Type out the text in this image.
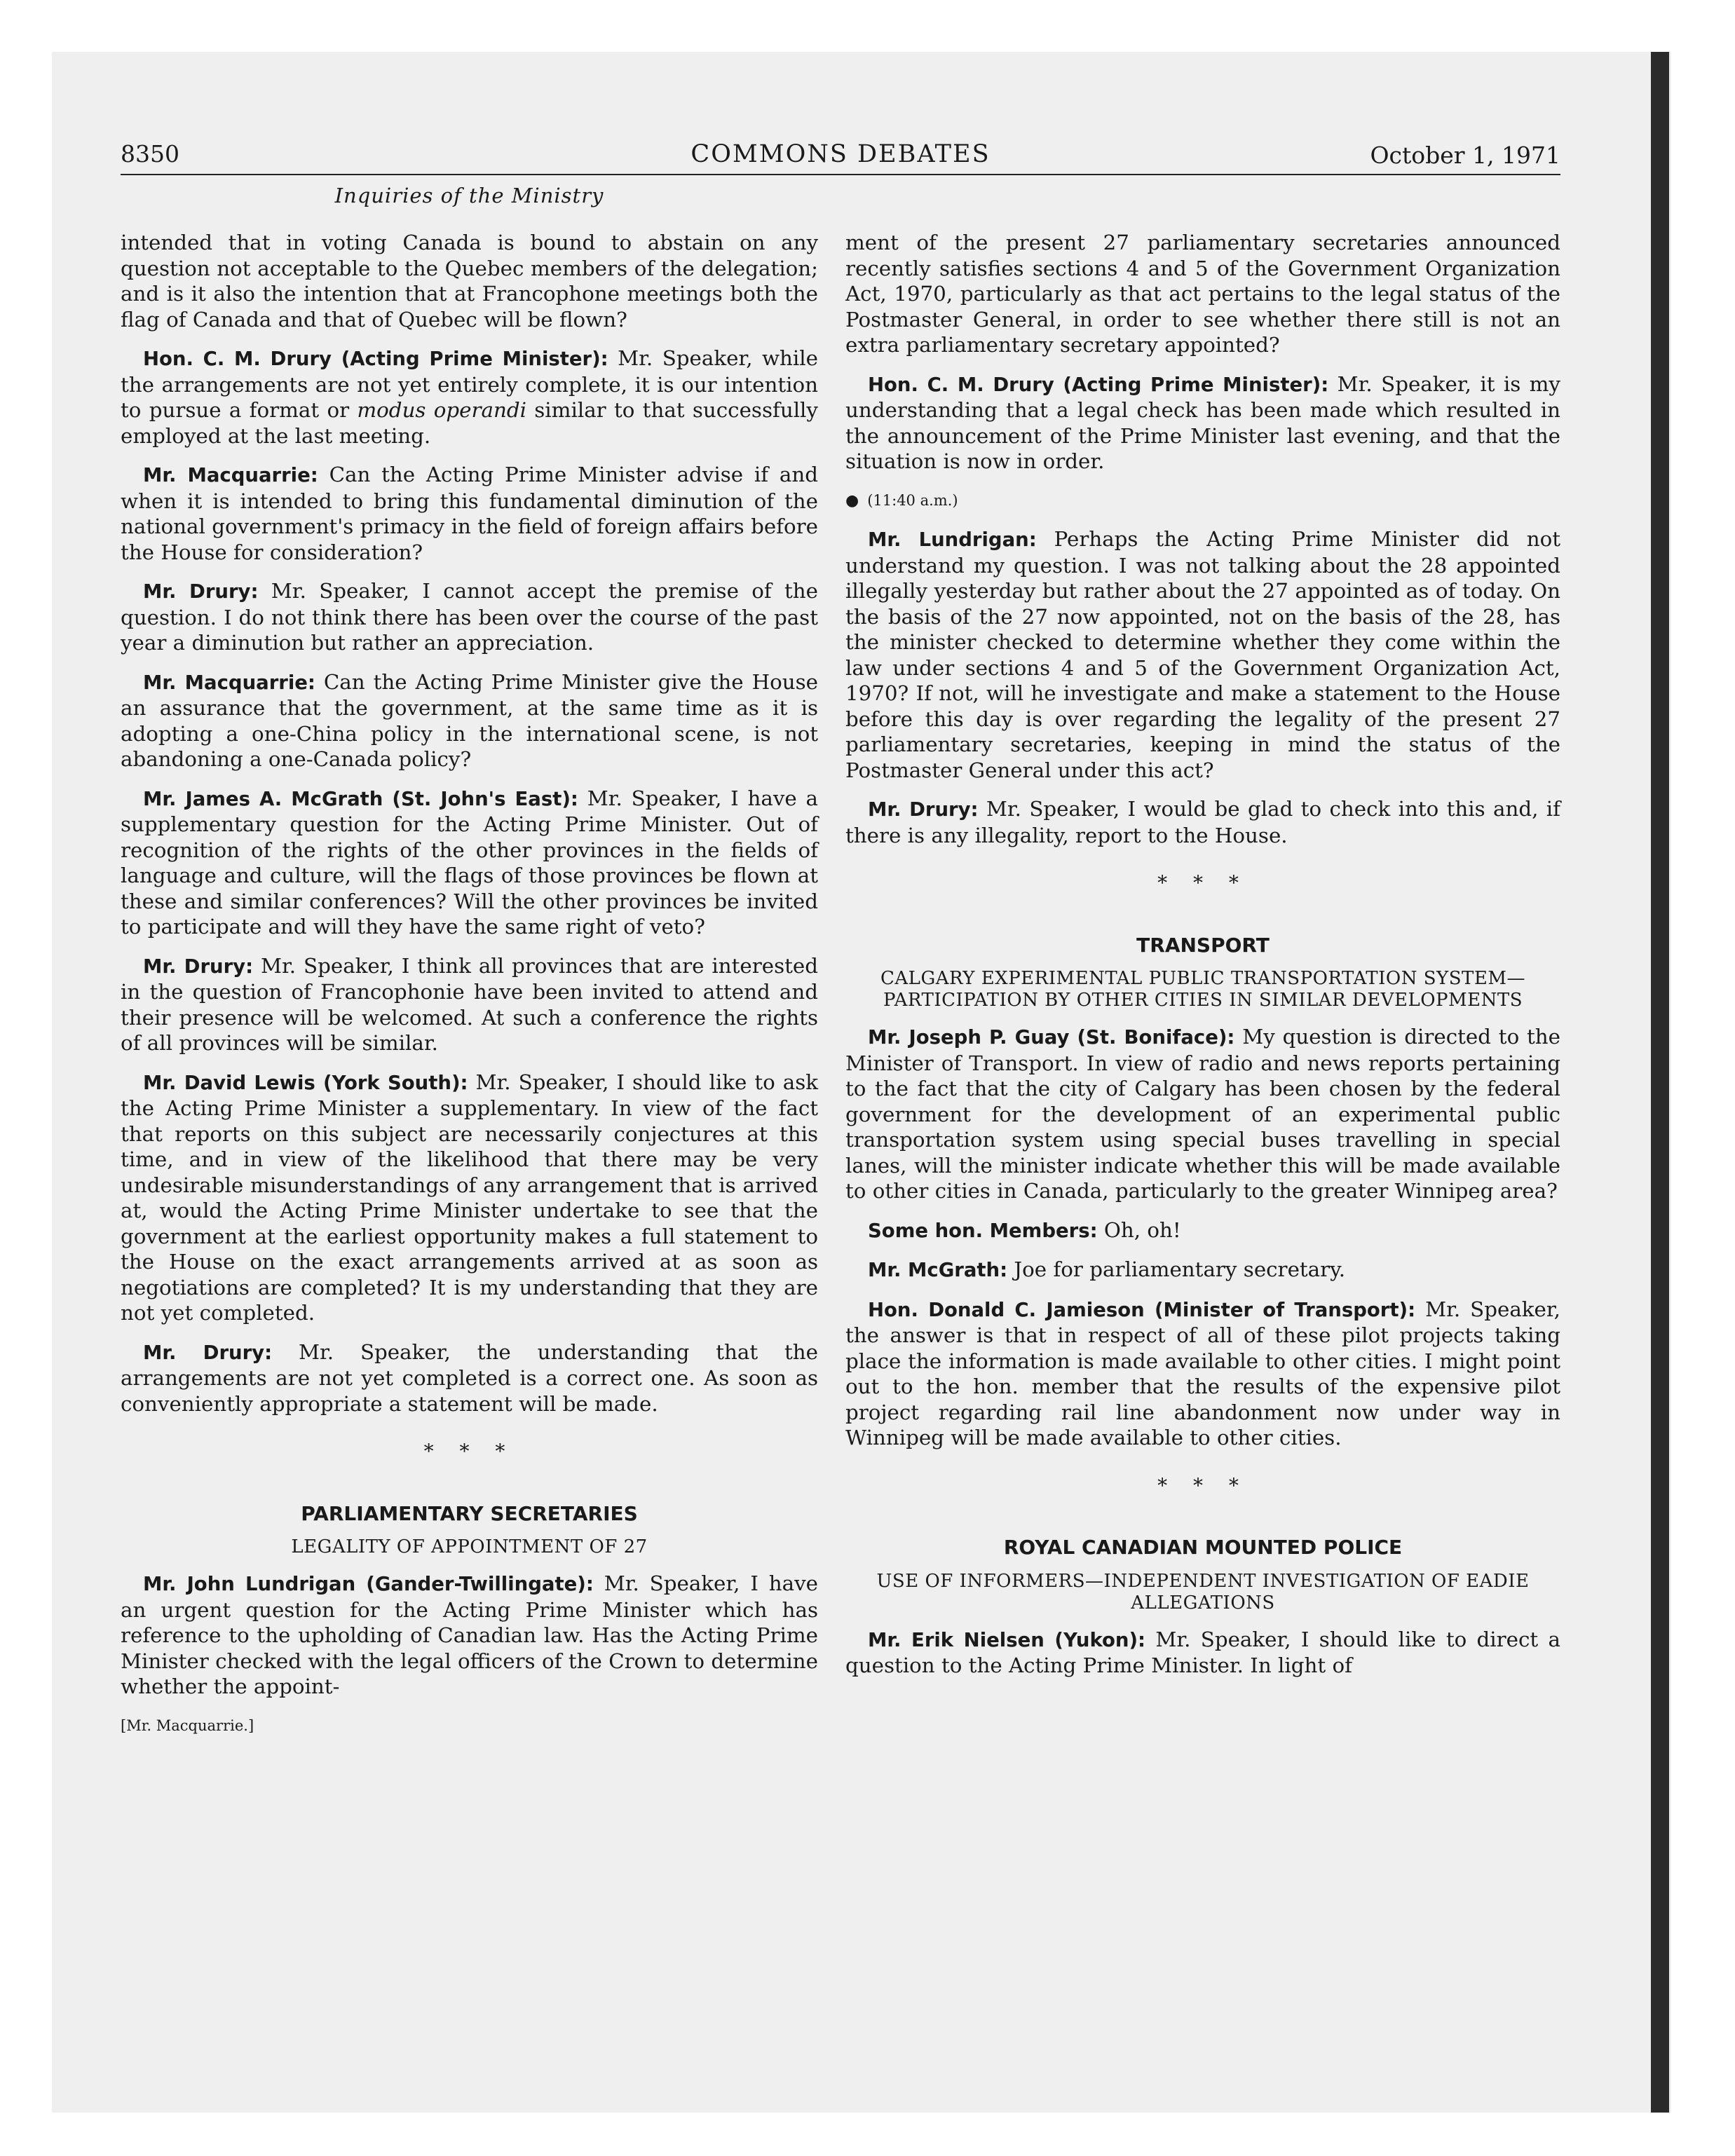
8350	COMMONS DEBATES	October 1, 1971
Inquiries of the Ministry

intended that in voting Canada is bound to abstain on any question not acceptable to the Quebec members of the delegation; and is it also the intention that at Francophone meetings both the flag of Canada and that of Quebec will be flown?

Hon. C. M. Drury (Acting Prime Minister): Mr. Speaker, while the arrangements are not yet entirely complete, it is our intention to pursue a format or modus operandi similar to that successfully employed at the last meeting.

Mr. Macquarrie: Can the Acting Prime Minister advise if and when it is intended to bring this fundamental diminution of the national government's primacy in the field of foreign affairs before the House for consideration?

Mr. Drury: Mr. Speaker, I cannot accept the premise of the question. I do not think there has been over the course of the past year a diminution but rather an appreciation.

Mr. Macquarrie: Can the Acting Prime Minister give the House an assurance that the government, at the same time as it is adopting a one-China policy in the international scene, is not abandoning a one-Canada policy?

Mr. James A. McGrath (St. John's East): Mr. Speaker, I have a supplementary question for the Acting Prime Minister. Out of recognition of the rights of the other provinces in the fields of language and culture, will the flags of those provinces be flown at these and similar conferences? Will the other provinces be invited to participate and will they have the same right of veto?

Mr. Drury: Mr. Speaker, I think all provinces that are interested in the question of Francophonie have been invited to attend and their presence will be welcomed. At such a conference the rights of all provinces will be similar.

Mr. David Lewis (York South): Mr. Speaker, I should like to ask the Acting Prime Minister a supplementary. In view of the fact that reports on this subject are necessarily conjectures at this time, and in view of the likelihood that there may be very undesirable misunderstandings of any arrangement that is arrived at, would the Acting Prime Minister undertake to see that the government at the earliest opportunity makes a full statement to the House on the exact arrangements arrived at as soon as negotiations are completed? It is my understanding that they are not yet completed.

Mr. Drury: Mr. Speaker, the understanding that the arrangements are not yet completed is a correct one. As soon as conveniently appropriate a statement will be made.

* * *

PARLIAMENTARY SECRETARIES

LEGALITY OF APPOINTMENT OF 27

Mr. John Lundrigan (Gander-Twillingate): Mr. Speaker, I have an urgent question for the Acting Prime Minister which has reference to the upholding of Canadian law. Has the Acting Prime Minister checked with the legal officers of the Crown to determine whether the appoint-

[Mr. Macquarrie.]

ment of the present 27 parliamentary secretaries announced recently satisfies sections 4 and 5 of the Government Organization Act, 1970, particularly as that act pertains to the legal status of the Postmaster General, in order to see whether there still is not an extra parliamentary secretary appointed?

Hon. C. M. Drury (Acting Prime Minister): Mr. Speaker, it is my understanding that a legal check has been made which resulted in the announcement of the Prime Minister last evening, and that the situation is now in order.

● (11:40 a.m.)

Mr. Lundrigan: Perhaps the Acting Prime Minister did not understand my question. I was not talking about the 28 appointed illegally yesterday but rather about the 27 appointed as of today. On the basis of the 27 now appointed, not on the basis of the 28, has the minister checked to determine whether they come within the law under sections 4 and 5 of the Government Organization Act, 1970? If not, will he investigate and make a statement to the House before this day is over regarding the legality of the present 27 parliamentary secretaries, keeping in mind the status of the Postmaster General under this act?

Mr. Drury: Mr. Speaker, I would be glad to check into this and, if there is any illegality, report to the House.

* * *

TRANSPORT

CALGARY EXPERIMENTAL PUBLIC TRANSPORTATION SYSTEM—PARTICIPATION BY OTHER CITIES IN SIMILAR DEVELOPMENTS

Mr. Joseph P. Guay (St. Boniface): My question is directed to the Minister of Transport. In view of radio and news reports pertaining to the fact that the city of Calgary has been chosen by the federal government for the development of an experimental public transportation system using special buses travelling in special lanes, will the minister indicate whether this will be made available to other cities in Canada, particularly to the greater Winnipeg area?

Some hon. Members: Oh, oh!

Mr. McGrath: Joe for parliamentary secretary.

Hon. Donald C. Jamieson (Minister of Transport): Mr. Speaker, the answer is that in respect of all of these pilot projects taking place the information is made available to other cities. I might point out to the hon. member that the results of the expensive pilot project regarding rail line abandonment now under way in Winnipeg will be made available to other cities.

* * *

ROYAL CANADIAN MOUNTED POLICE

USE OF INFORMERS—INDEPENDENT INVESTIGATION OF EADIE ALLEGATIONS

Mr. Erik Nielsen (Yukon): Mr. Speaker, I should like to direct a question to the Acting Prime Minister. In light of
